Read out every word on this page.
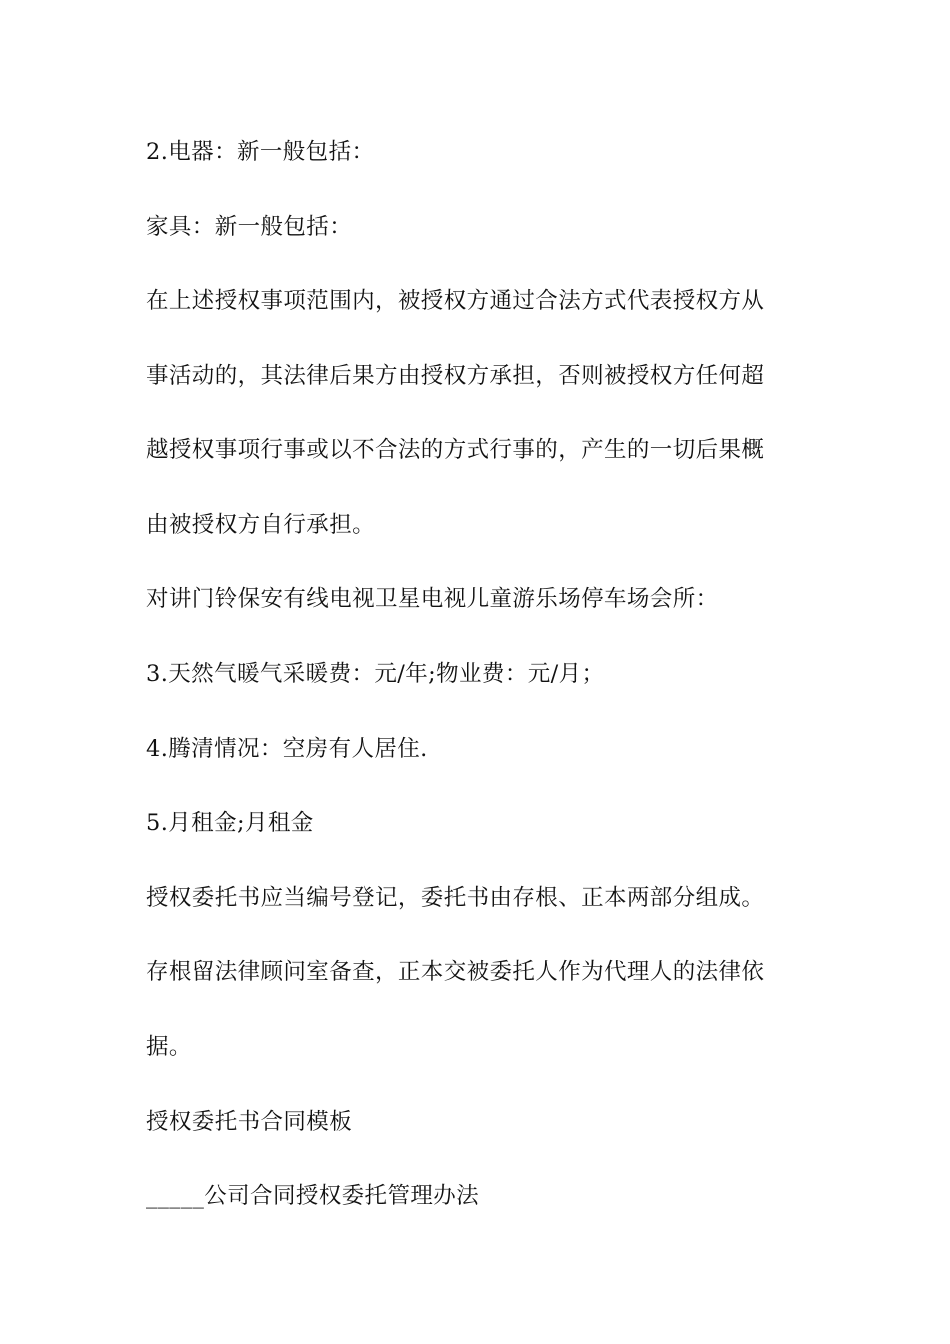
2.电器：新一般包括：
家具：新一般包括：
在上述授权事项范围内，被授权方通过合法方式代表授权方从
事活动的，其法律后果方由授权方承担，否则被授权方任何超
越授权事项行事或以不合法的方式行事的，产生的一切后果概
由被授权方自行承担。
对讲门铃保安有线电视卫星电视儿童游乐场停车场会所：
3.天然气暖气采暖费：元/年;物业费：元/月；
4.腾清情况：空房有人居住.
5.月租金;月租金
授权委托书应当编号登记，委托书由存根、正本两部分组成。
存根留法律顾问室备查，正本交被委托人作为代理人的法律依
据。
授权委托书合同模板
_____公司合同授权委托管理办法
